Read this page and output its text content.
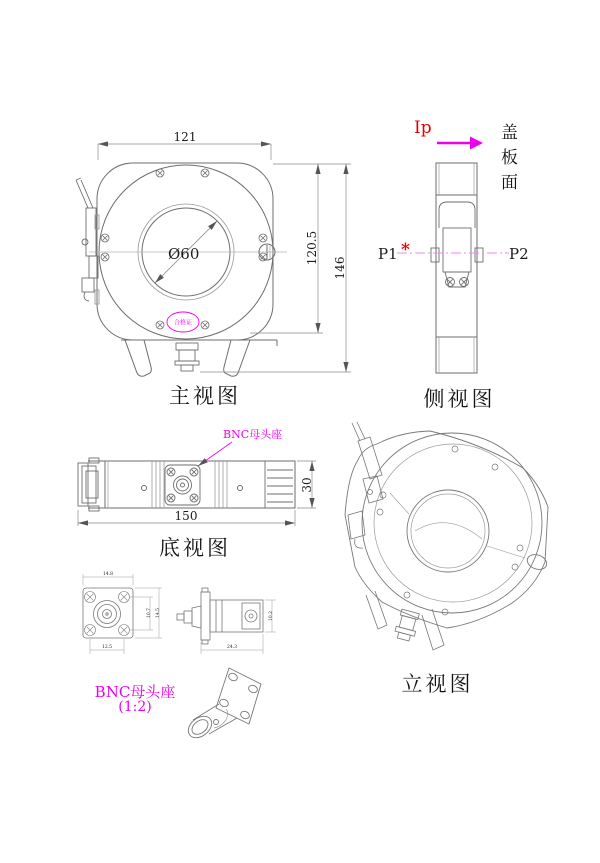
合格证
121
120.5
146
Ø60
主视图
P1	P2
*
Ip	盖板面
侧视图
BNC母头座
150
30
底视图
立视图
14.8
12.5
10.7 14.5
24.3
10.2
BNC母头座
(1:2)
